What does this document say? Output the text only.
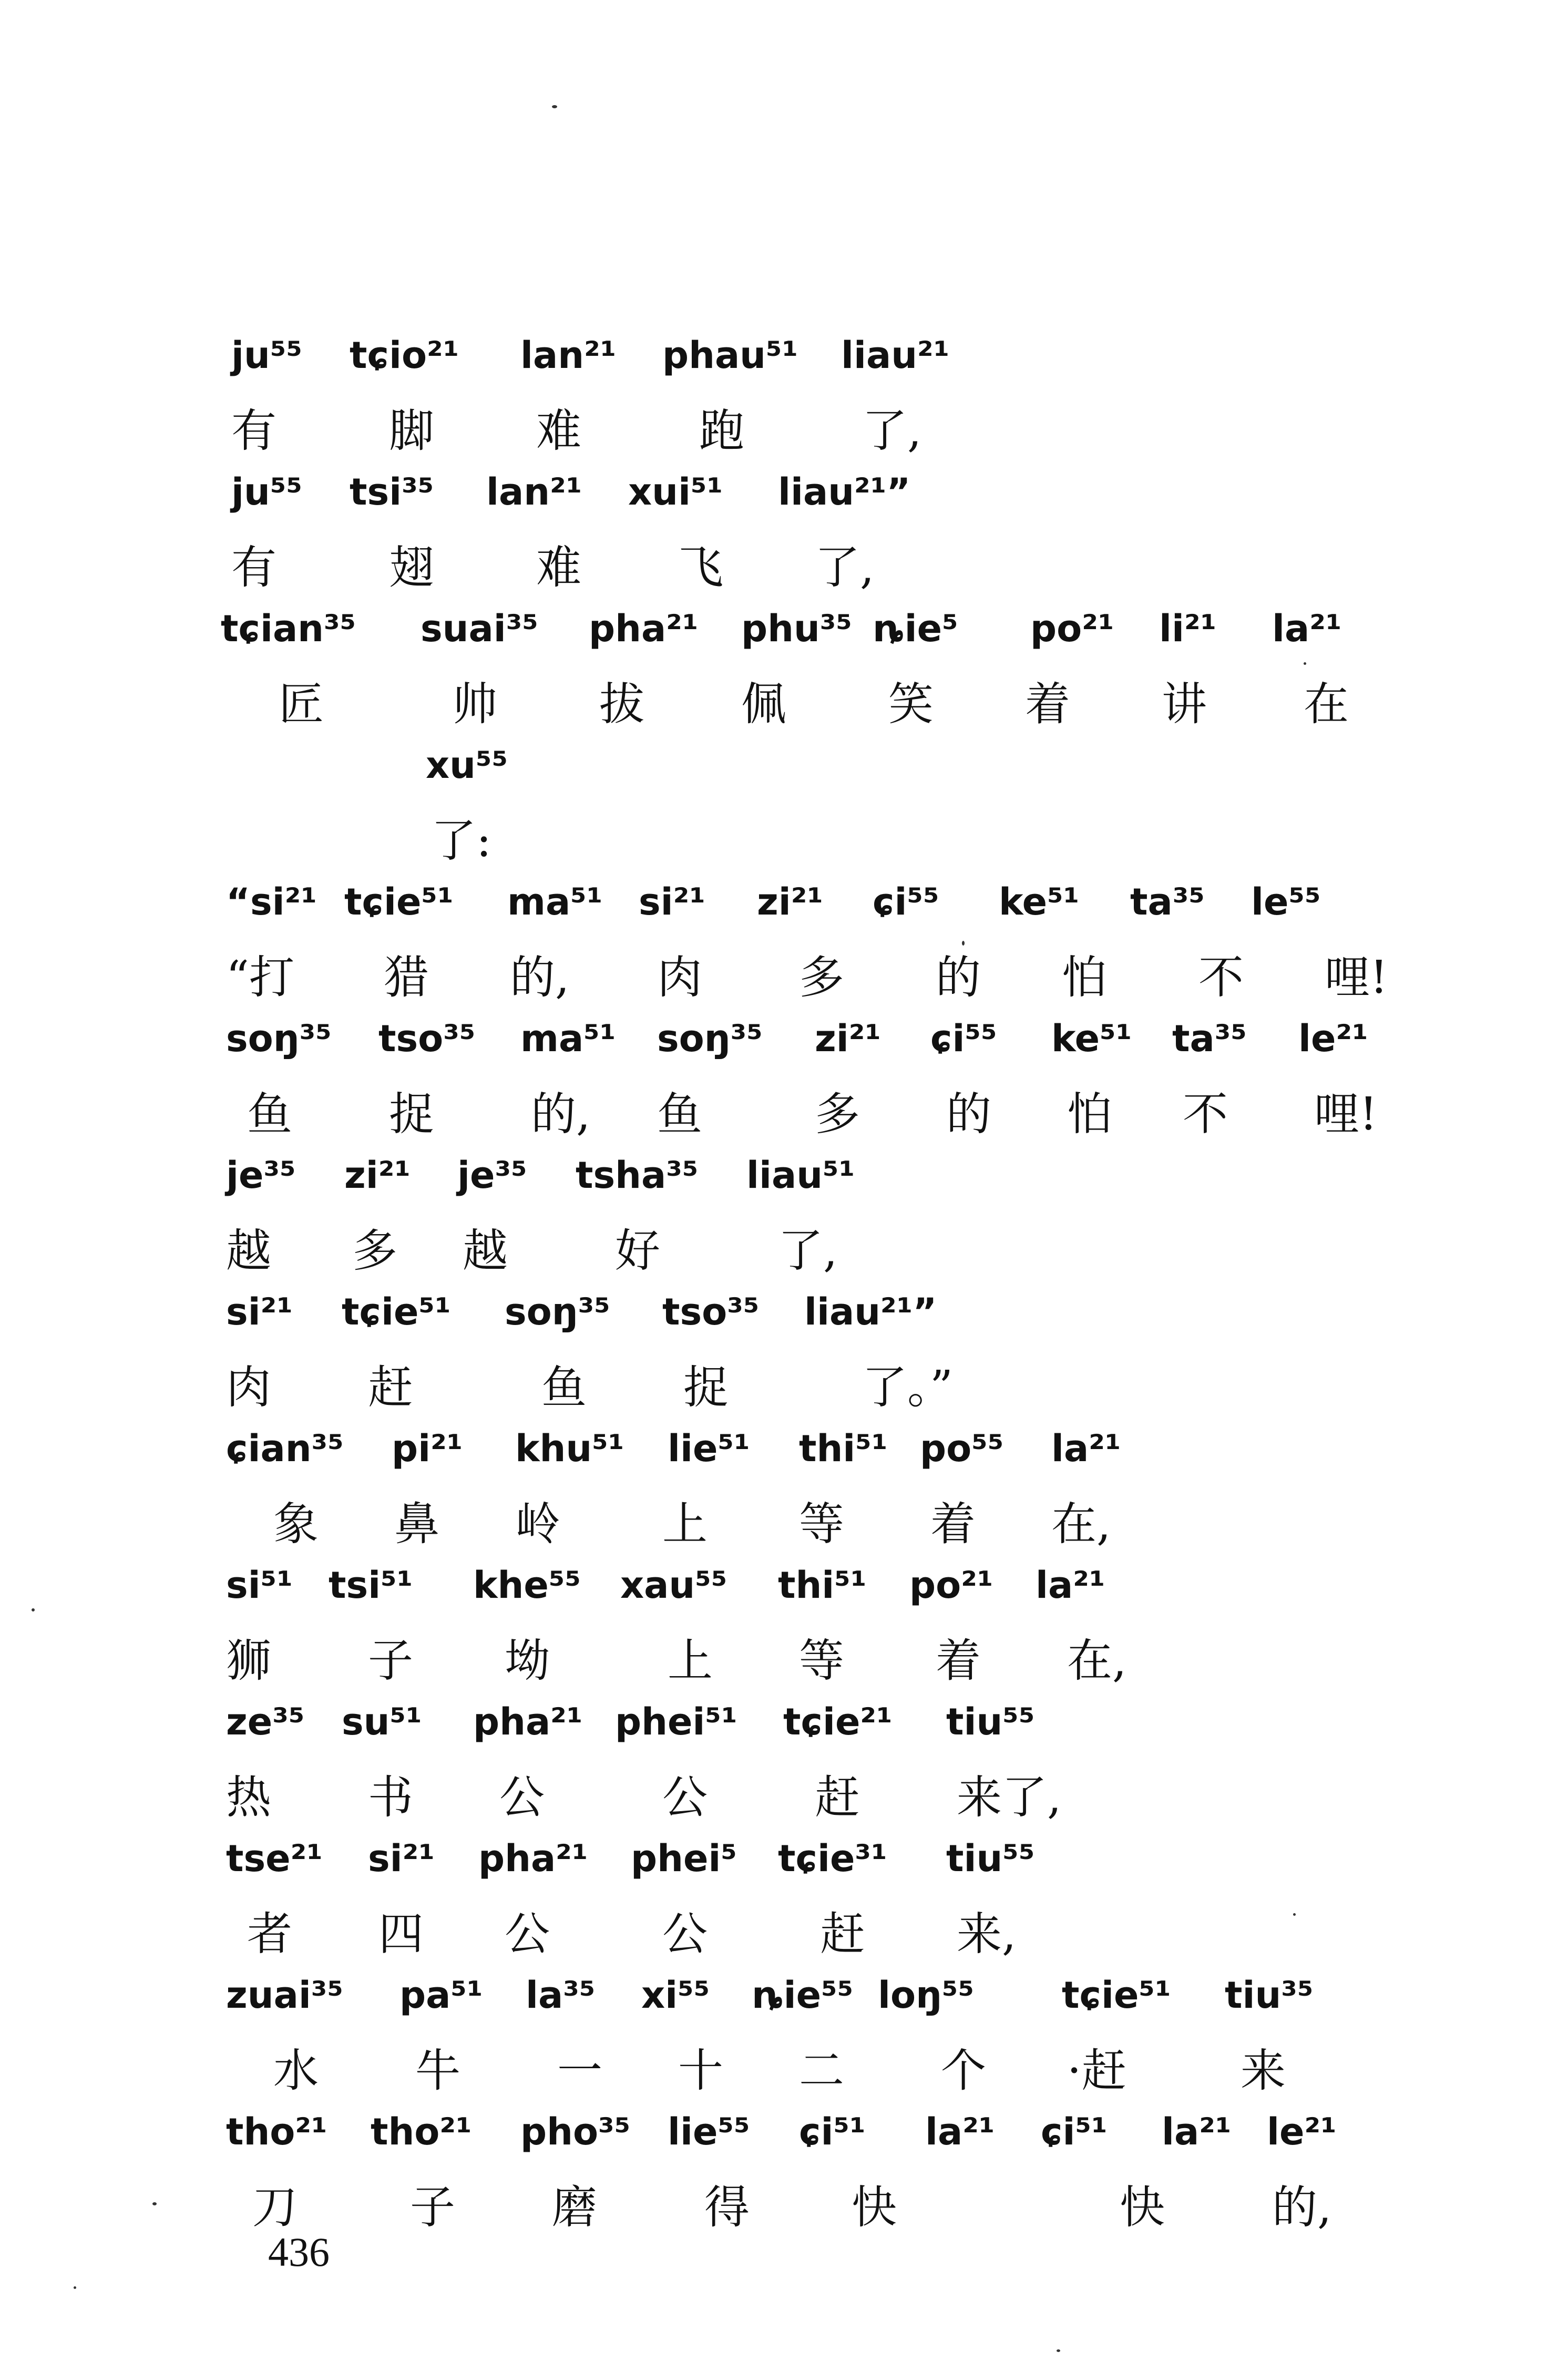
ju⁵⁵ tɕio²¹ lan²¹ phau⁵¹ liau²¹
有 脚 难	跑	了,
ju⁵⁵ tsi³⁵ lan²¹ xui⁵¹ liau²¹”
有 翅 难 飞 了,
tɕian³⁵ suai³⁵ pha²¹ phu³⁵ ȵie⁵ po²¹ li²¹ la²¹
匠	帅 拔 佩 笑 着 讲 在
xu⁵⁵
了:
“si²¹ tɕie⁵¹ ma⁵¹ si²¹ zi²¹ ɕi⁵⁵ ke⁵¹ ta³⁵ le⁵⁵
“打 猎 的, 肉 多 的 怕 不 哩!
soŋ³⁵ tso³⁵ ma⁵¹ soŋ³⁵ zi²¹ ɕi⁵⁵ ke⁵¹ ta³⁵ le²¹
鱼 捉 的, 鱼 多 的 怕 不 哩!
je³⁵ zi²¹ je³⁵ tsha³⁵ liau⁵¹
越 多 越 好	了,
si²¹ tɕie⁵¹ soŋ³⁵ tso³⁵ liau²¹”
肉 赶	鱼 捉	了。”
ɕian³⁵ pi²¹ khu⁵¹ lie⁵¹ thi⁵¹ po⁵⁵ la²¹
象 鼻 岭 上 等 着 在,
si⁵¹ tsi⁵¹ khe⁵⁵ xau⁵⁵ thi⁵¹ po²¹ la²¹
狮 子 坳	上 等 着 在,
ze³⁵ su⁵¹ pha²¹ phei⁵¹ tɕie²¹ tiu⁵⁵
热 书 公	公 赶 来了,
tse²¹ si²¹ pha²¹ phei⁵ tɕie³¹ tiu⁵⁵
者 四 公 公 赶 来,
zuai³⁵ pa⁵¹ la³⁵ xi⁵⁵ ȵie⁵⁵ loŋ⁵⁵ tɕie⁵¹ tiu³⁵
水 牛 一 十 二 个 ·赶	来
tho²¹ tho²¹ pho³⁵ lie⁵⁵ ɕi⁵¹ la²¹ ɕi⁵¹ la²¹ le²¹
刀 子 磨 得 快	快 的,
436
